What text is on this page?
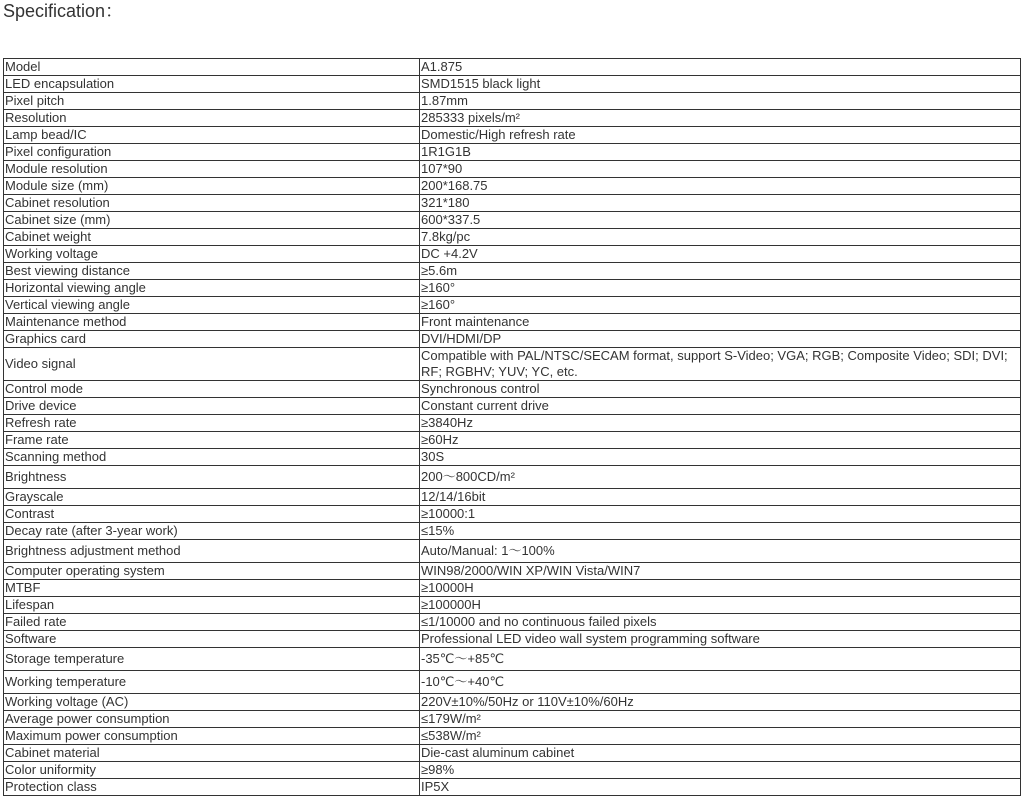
Specification：
Model	A1.875
LED encapsulation	SMD1515 black light
Pixel pitch	1.87mm
Resolution	285333 pixels/m²
Lamp bead/IC	Domestic/High refresh rate
Pixel configuration	1R1G1B
Module resolution	107*90
Module size (mm)	200*168.75
Cabinet resolution	321*180
Cabinet size (mm)	600*337.5
Cabinet weight	7.8kg/pc
Working voltage	DC +4.2V
Best viewing distance	≥5.6m
Horizontal viewing angle	≥160°
Vertical viewing angle	≥160°
Maintenance method	Front maintenance
Graphics card	DVI/HDMI/DP
Video signal	Compatible with PAL/NTSC/SECAM format, support S-Video; VGA; RGB; Composite Video; SDI; DVI; RF; RGBHV; YUV; YC, etc.
Control mode	Synchronous control
Drive device	Constant current drive
Refresh rate	≥3840Hz
Frame rate	≥60Hz
Scanning method	30S
Brightness	200～800CD/m²
Grayscale	12/14/16bit
Contrast	≥10000:1
Decay rate (after 3-year work)	≤15%
Brightness adjustment method	Auto/Manual: 1～100%
Computer operating system	WIN98/2000/WIN XP/WIN Vista/WIN7
MTBF	≥10000H
Lifespan	≥100000H
Failed rate	≤1/10000 and no continuous failed pixels
Software	Professional LED video wall system programming software
Storage temperature	-35℃～+85℃
Working temperature	-10℃～+40℃
Working voltage (AC)	220V±10%/50Hz or 110V±10%/60Hz
Average power consumption	≤179W/m²
Maximum power consumption	≤538W/m²
Cabinet material	Die-cast aluminum cabinet
Color uniformity	≥98%
Protection class	IP5X
